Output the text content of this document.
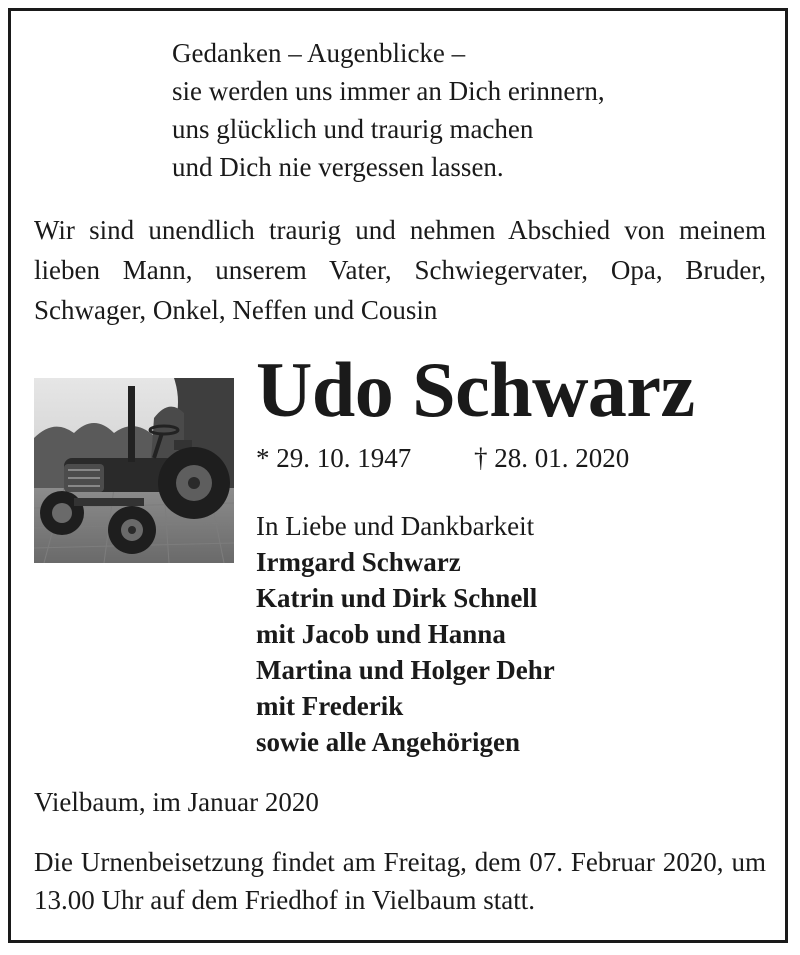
Gedanken – Augenblicke –
sie werden uns immer an Dich erinnern,
uns glücklich und traurig machen
und Dich nie vergessen lassen.
Wir sind unendlich traurig und nehmen Abschied von meinem lieben Mann, unserem Vater, Schwiegervater, Opa, Bruder, Schwager, Onkel, Neffen und Cousin
Udo Schwarz
* 29. 10. 1947 † 28. 01. 2020
In Liebe und Dankbarkeit
Irmgard Schwarz
Katrin und Dirk Schnell
mit Jacob und Hanna
Martina und Holger Dehr
mit Frederik
sowie alle Angehörigen
Vielbaum, im Januar 2020
Die Urnenbeisetzung findet am Freitag, dem 07. Februar 2020, um 13.00 Uhr auf dem Friedhof in Vielbaum statt.
